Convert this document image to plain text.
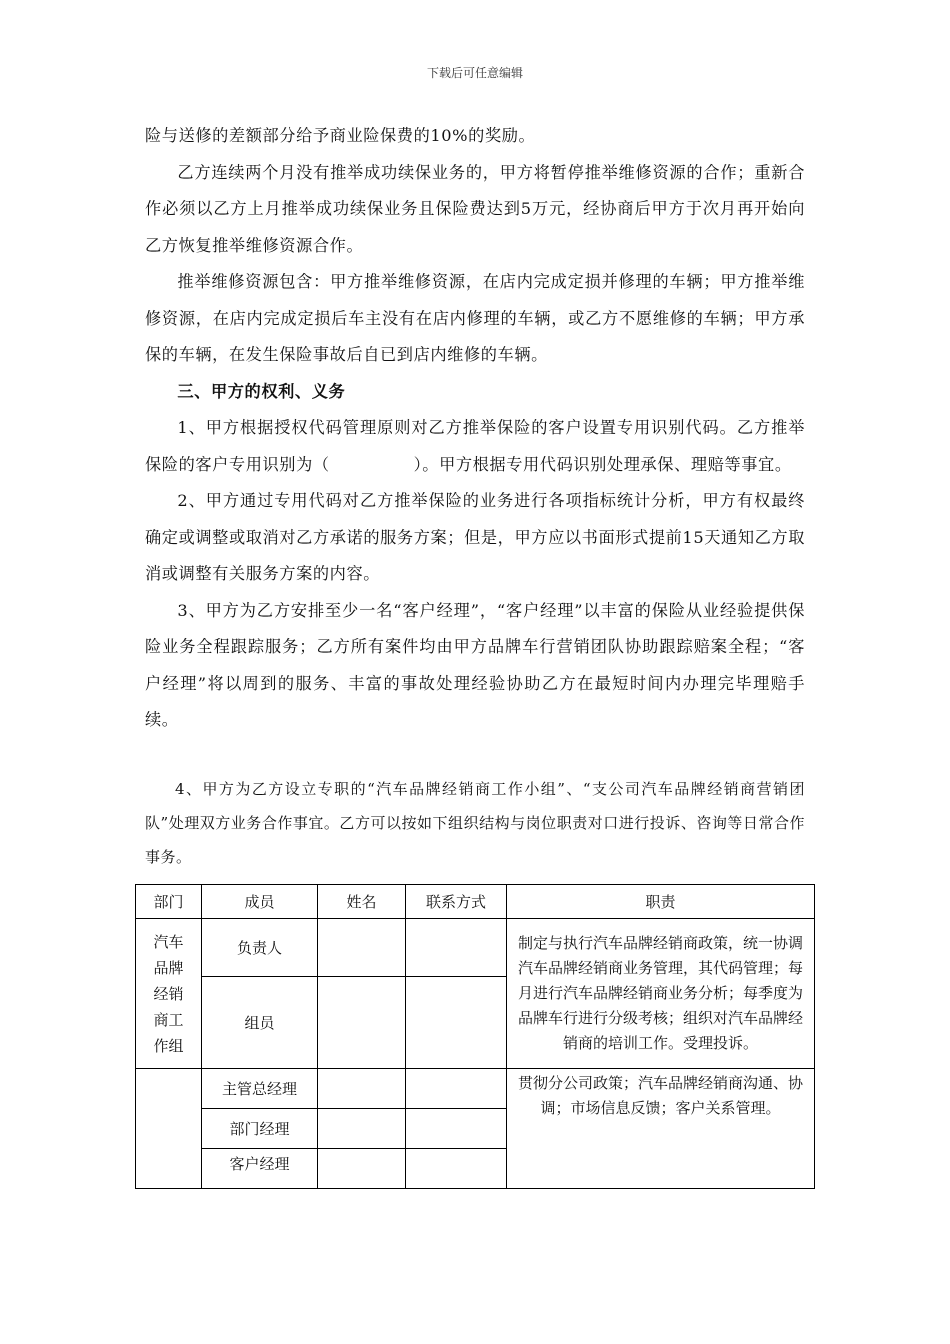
下载后可任意编辑

险与送修的差额部分给予商业险保费的10%的奖励。

乙方连续两个月没有推举成功续保业务的，甲方将暂停推举维修资源的合作；重新合作必须以乙方上月推举成功续保业务且保险费达到5万元，经协商后甲方于次月再开始向乙方恢复推举维修资源合作。

推举维修资源包含：甲方推举维修资源，在店内完成定损并修理的车辆；甲方推举维修资源，在店内完成定损后车主没有在店内修理的车辆，或乙方不愿维修的车辆；甲方承保的车辆，在发生保险事故后自已到店内维修的车辆。

三、甲方的权利、义务

1、甲方根据授权代码管理原则对乙方推举保险的客户设置专用识别代码。乙方推举保险的客户专用识别为（　　　　　）。甲方根据专用代码识别处理承保、理赔等事宜。

2、甲方通过专用代码对乙方推举保险的业务进行各项指标统计分析，甲方有权最终确定或调整或取消对乙方承诺的服务方案；但是，甲方应以书面形式提前15天通知乙方取消或调整有关服务方案的内容。

3、甲方为乙方安排至少一名“客户经理”，“客户经理”以丰富的保险从业经验提供保险业务全程跟踪服务；乙方所有案件均由甲方品牌车行营销团队协助跟踪赔案全程；“客户经理”将以周到的服务、丰富的事故处理经验协助乙方在最短时间内办理完毕理赔手续。

4、甲方为乙方设立专职的“汽车品牌经销商工作小组”、“支公司汽车品牌经销商营销团队”处理双方业务合作事宜。乙方可以按如下组织结构与岗位职责对口进行投诉、咨询等日常合作事务。

部门	成员	姓名	联系方式	职责

汽车品牌经销商工作组	负责人			制定与执行汽车品牌经销商政策，统一协调汽车品牌经销商业务管理，其代码管理；每月进行汽车品牌经销商业务分析；每季度为品牌车行进行分级考核；组织对汽车品牌经销商的培训工作。受理投诉。
	组员			
	主管总经理			贯彻分公司政策；汽车品牌经销商沟通、协调；市场信息反馈；客户关系管理。
	部门经理			
	客户经理			
